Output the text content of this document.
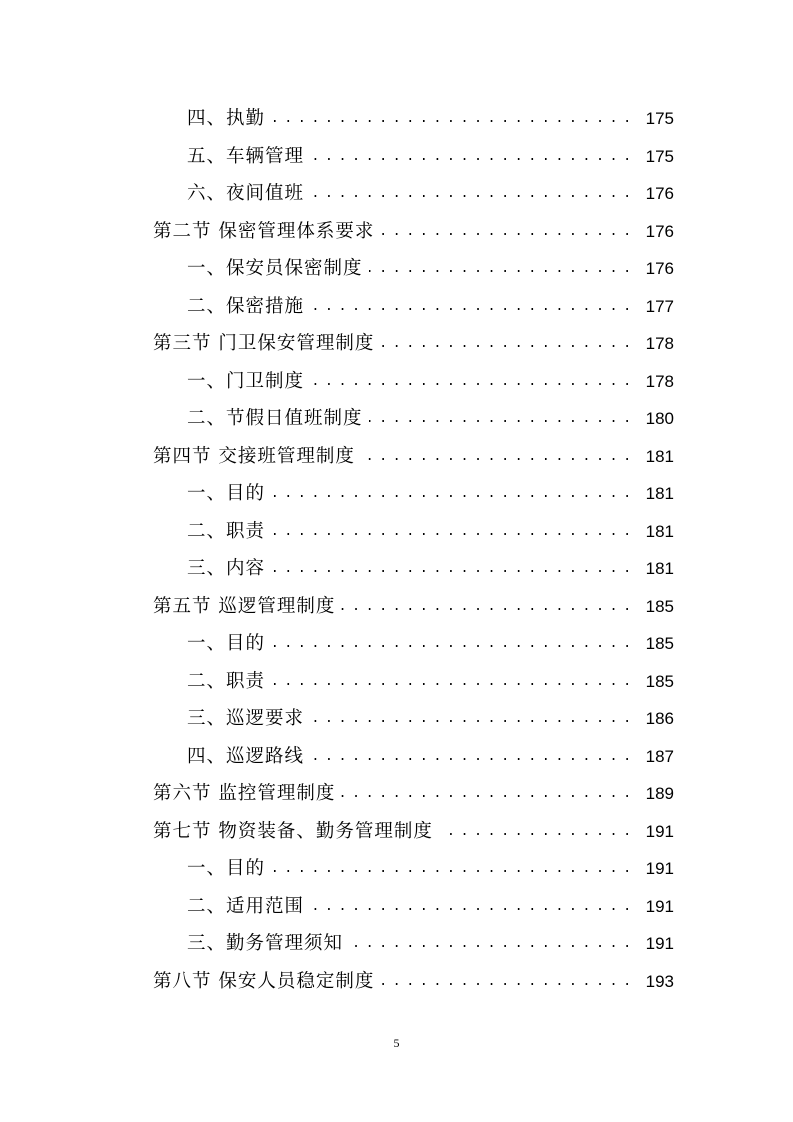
四、执勤 . . .	175
五、车辆管理 . . .	175
六、夜间值班 . . .	176
第二节 保密管理体系要求 . . .	176
一、保安员保密制度 . . .	176
二、保密措施 . . .	177
第三节 门卫保安管理制度 . . .	178
一、门卫制度 . . .	178
二、节假日值班制度 . . .	180
第四节 交接班管理制度 . . .	181
一、目的 . . .	181
二、职责 . . .	181
三、内容 . . .	181
第五节 巡逻管理制度 . . .	185
一、目的 . . .	185
二、职责 . . .	185
三、巡逻要求 . . .	186
四、巡逻路线 . . .	187
第六节 监控管理制度 . . .	189
第七节 物资装备、勤务管理制度 . . .	191
一、目的 . . .	191
二、适用范围 . . .	191
三、勤务管理须知 . . .	191
第八节 保安人员稳定制度 . . .	193
5
